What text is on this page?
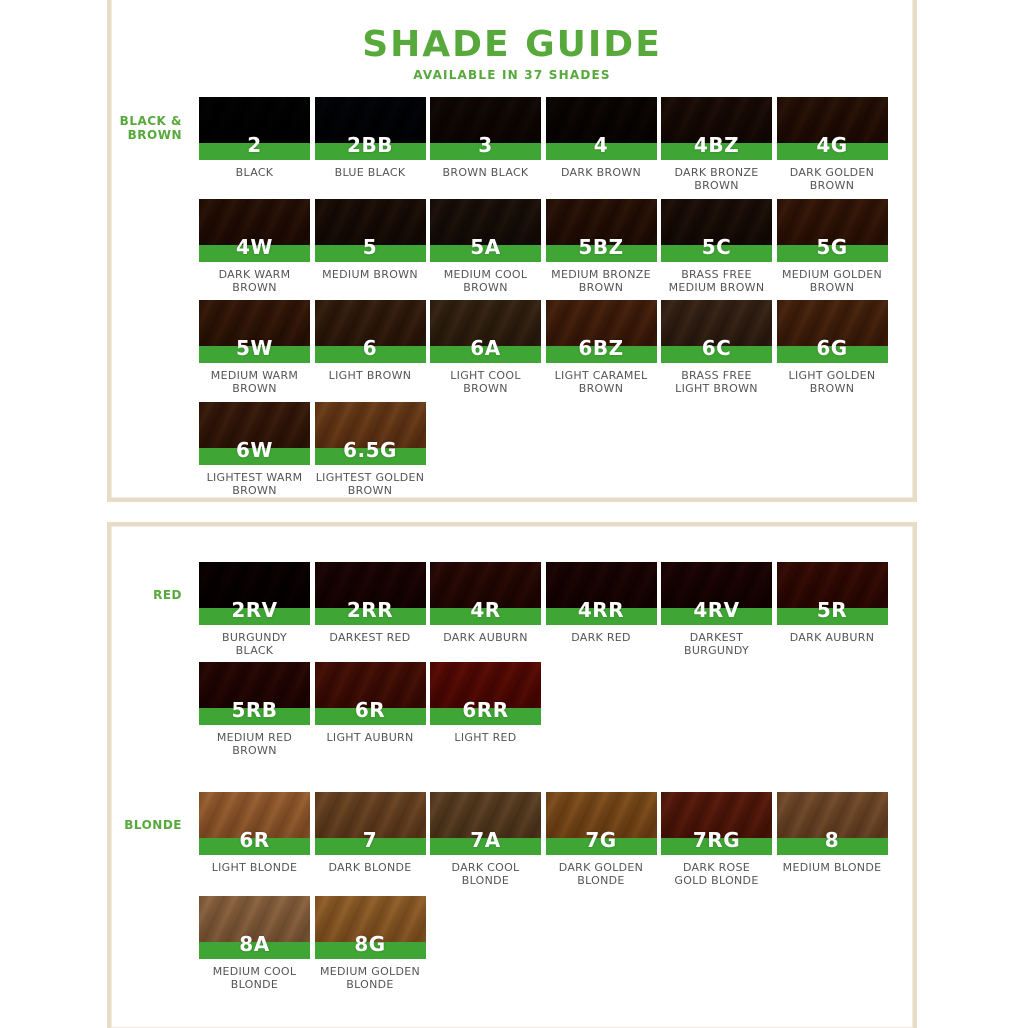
SHADE GUIDE
AVAILABLE IN 37 SHADES
BLACK &
BROWN	2
BLACK
2BB
BLUE BLACK
3
BROWN BLACK
4
DARK BROWN
4BZ
DARK BRONZE
BROWN
4G
DARK GOLDEN
BROWN
4W
DARK WARM
BROWN
5
MEDIUM BROWN
5A
MEDIUM COOL
BROWN
5BZ
MEDIUM BRONZE
BROWN
5C
BRASS FREE
MEDIUM BROWN
5G
MEDIUM GOLDEN
BROWN
5W
MEDIUM WARM
BROWN
6
LIGHT BROWN
6A
LIGHT COOL
BROWN
6BZ
LIGHT CARAMEL
BROWN
6C
BRASS FREE
LIGHT BROWN
6G
LIGHT GOLDEN
BROWN
6W
LIGHTEST WARM
BROWN
6.5G
LIGHTEST GOLDEN
BROWN
RED
2RV
BURGUNDY
BLACK
2RR
DARKEST RED
4R
DARK AUBURN
4RR
DARK RED
4RV
DARKEST
BURGUNDY
5R
DARK AUBURN
5RB
MEDIUM RED
BROWN
6R
LIGHT AUBURN
6RR
LIGHT RED
BLONDE
6R
LIGHT BLONDE
7
DARK BLONDE
7A
DARK COOL
BLONDE
7G
DARK GOLDEN
BLONDE
7RG
DARK ROSE
GOLD BLONDE
8
MEDIUM BLONDE
8A
MEDIUM COOL
BLONDE
8G
MEDIUM GOLDEN
BLONDE
